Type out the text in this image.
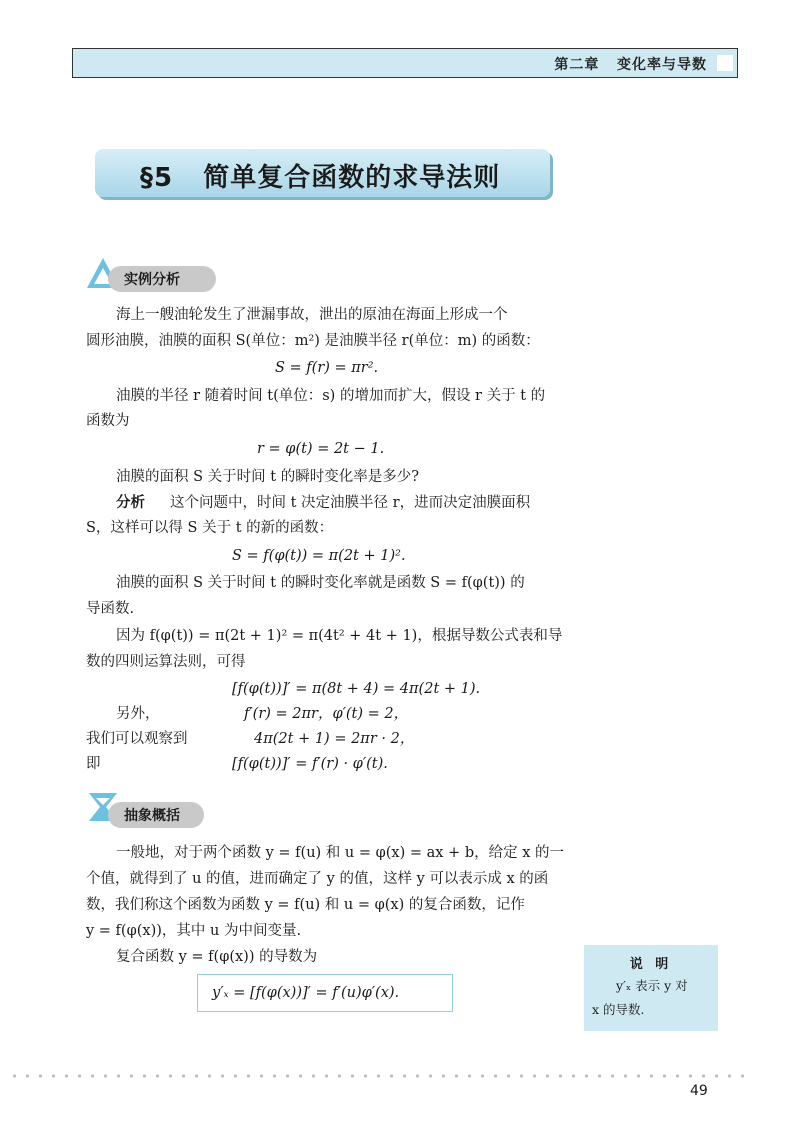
第二章 变化率与导数
§5 简单复合函数的求导法则
实例分析
海上一艘油轮发生了泄漏事故，泄出的原油在海面上形成一个
圆形油膜，油膜的面积 S(单位：m²) 是油膜半径 r(单位：m) 的函数：
S = f(r) = πr².
油膜的半径 r 随着时间 t(单位：s) 的增加而扩大，假设 r 关于 t 的
函数为
r = φ(t) = 2t − 1.
油膜的面积 S 关于时间 t 的瞬时变化率是多少?
分析 这个问题中，时间 t 决定油膜半径 r，进而决定油膜面积
S，这样可以得 S 关于 t 的新的函数：
S = f(φ(t)) = π(2t + 1)².
油膜的面积 S 关于时间 t 的瞬时变化率就是函数 S = f(φ(t)) 的
导函数.
因为 f(φ(t)) = π(2t + 1)² = π(4t² + 4t + 1)，根据导数公式表和导
数的四则运算法则，可得
[f(φ(t))]′ = π(8t + 4) = 4π(2t + 1).
另外，	f′(r) = 2πr，φ′(t) = 2，
我们可以观察到	4π(2t + 1) = 2πr · 2，
即	[f(φ(t))]′ = f′(r) · φ′(t).
抽象概括
一般地，对于两个函数 y = f(u) 和 u = φ(x) = ax + b，给定 x 的一
个值，就得到了 u 的值，进而确定了 y 的值，这样 y 可以表示成 x 的函
数，我们称这个函数为函数 y = f(u) 和 u = φ(x) 的复合函数，记作
y = f(φ(x))，其中 u 为中间变量.
复合函数 y = f(φ(x)) 的导数为
y′ₓ = [f(φ(x))]′ = f′(u)φ′(x).
说 明
y′ₓ 表示 y 对
x 的导数.
49
